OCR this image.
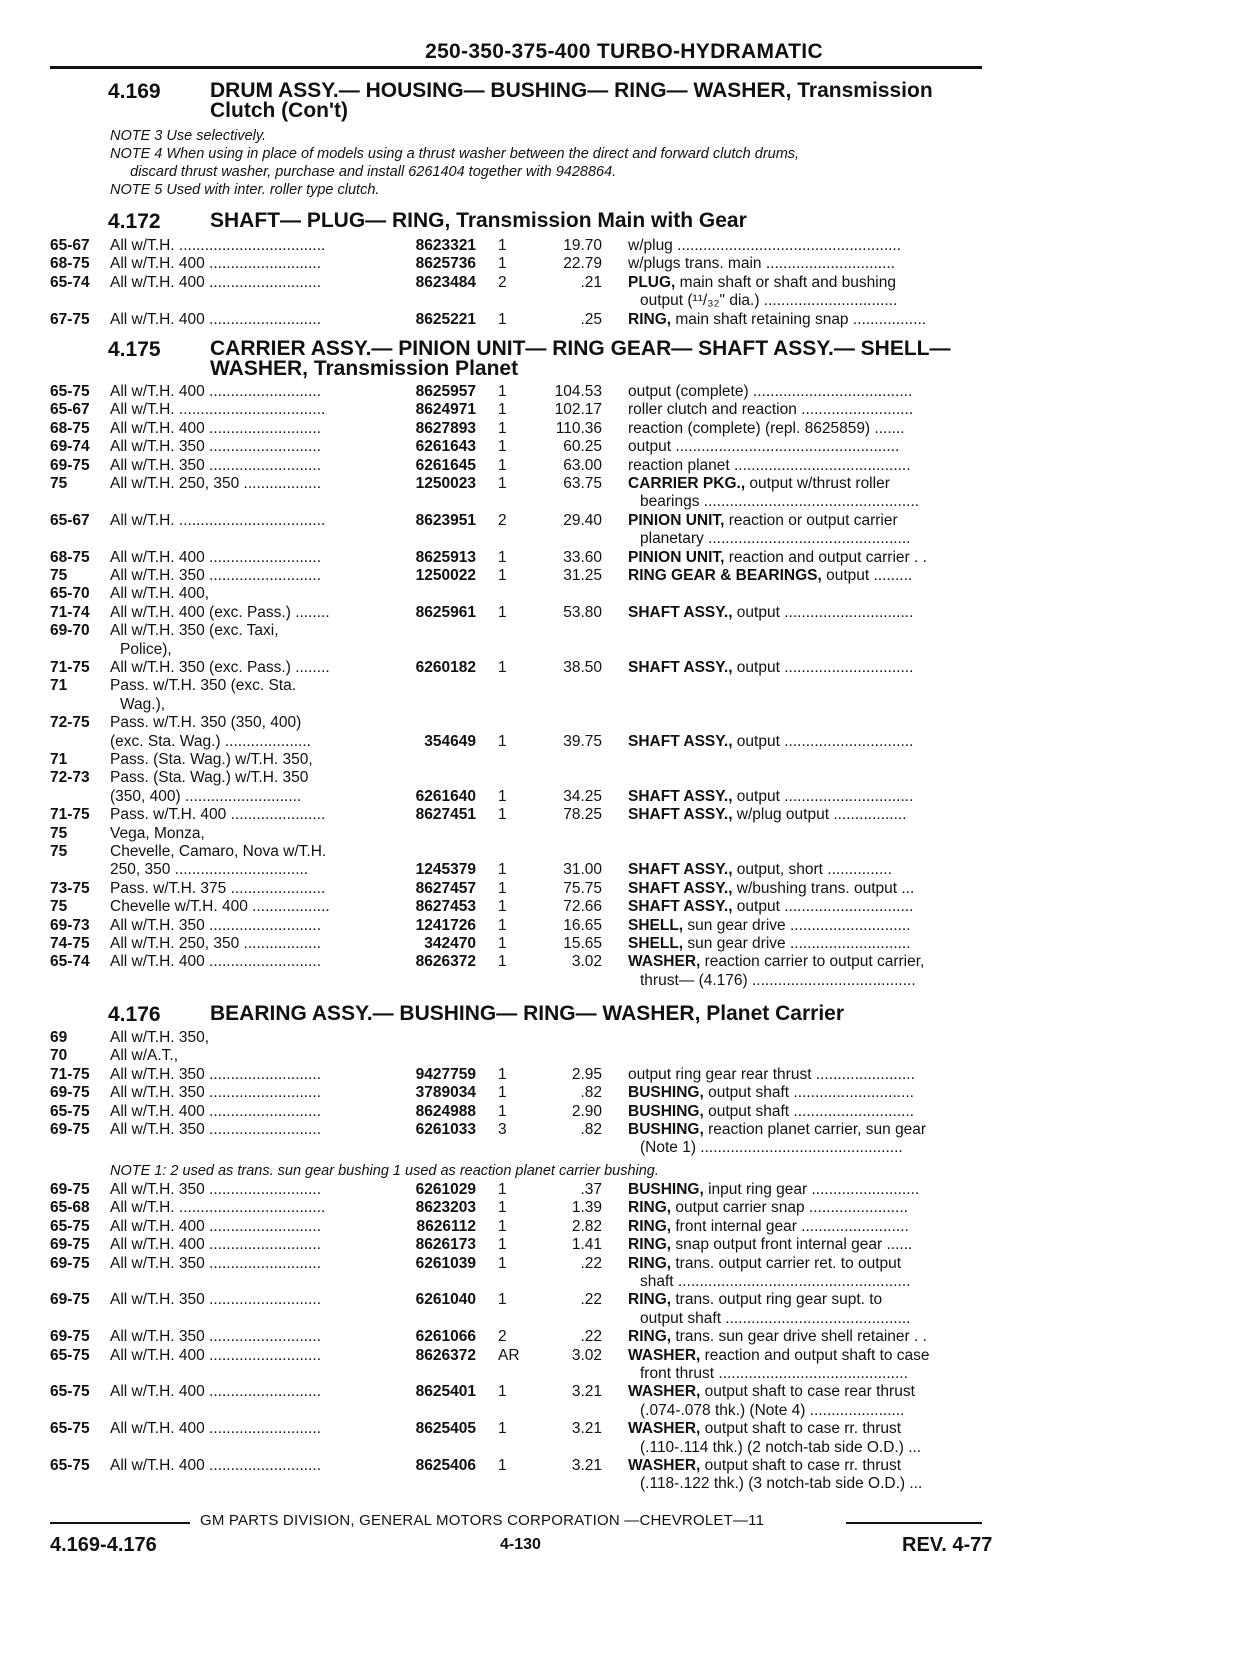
250-350-375-400 TURBO-HYDRAMATIC
4.169 DRUM ASSY.— HOUSING— BUSHING— RING— WASHER, Transmission Clutch (Con't)
NOTE 3 Use selectively.
NOTE 4 When using in place of models using a thrust washer between the direct and forward clutch drums,
discard thrust washer, purchase and install 6261404 together with 9428864.
NOTE 5 Used with inter. roller type clutch.
4.172 SHAFT— PLUG— RING, Transmission Main with Gear
65-67 All w/T.H. ..................................	8623321 1	19.70 w/plug ....................................................
68-75 All w/T.H. 400 ..........................	8625736 1	22.79 w/plugs trans. main ..............................
65-74 All w/T.H. 400 ..........................	8623484 2	.21 PLUG, main shaft or shaft and bushing
output (¹¹/₃₂" dia.) ...............................
67-75 All w/T.H. 400 ..........................	8625221 1	.25 RING, main shaft retaining snap .................
4.175 CARRIER ASSY.— PINION UNIT— RING GEAR— SHAFT ASSY.— SHELL— WASHER, Transmission Planet
65-75 All w/T.H. 400 ..........................	8625957 1	104.53 output (complete) .....................................
65-67 All w/T.H. ..................................	8624971 1	102.17 roller clutch and reaction ..........................
68-75 All w/T.H. 400 ..........................	8627893 1	110.36 reaction (complete) (repl. 8625859) .......
69-74 All w/T.H. 350 ..........................	6261643 1	60.25 output ....................................................
69-75 All w/T.H. 350 ..........................	6261645 1	63.00 reaction planet .........................................
75	All w/T.H. 250, 350 ..................	1250023 1	63.75 CARRIER PKG., output w/thrust roller
bearings ..................................................
65-67 All w/T.H. ..................................	8623951 2	29.40 PINION UNIT, reaction or output carrier
planetary ...............................................
68-75 All w/T.H. 400 ..........................	8625913 1	33.60 PINION UNIT, reaction and output carrier . .
75	All w/T.H. 350 ..........................	1250022 1	31.25 RING GEAR & BEARINGS, output .........
65-70 All w/T.H. 400,
71-74 All w/T.H. 400 (exc. Pass.) ........	8625961 1	53.80 SHAFT ASSY., output ..............................
69-70 All w/T.H. 350 (exc. Taxi,
Police),
71-75 All w/T.H. 350 (exc. Pass.) ........	6260182 1	38.50 SHAFT ASSY., output ..............................
71	Pass. w/T.H. 350 (exc. Sta.
Wag.),
72-75 Pass. w/T.H. 350 (350, 400)
(exc. Sta. Wag.) ....................	354649 1	39.75 SHAFT ASSY., output ..............................
71	Pass. (Sta. Wag.) w/T.H. 350,
72-73 Pass. (Sta. Wag.) w/T.H. 350
(350, 400) ...........................	6261640 1	34.25 SHAFT ASSY., output ..............................
71-75 Pass. w/T.H. 400 ......................	8627451 1	78.25 SHAFT ASSY., w/plug output .................
75	Vega, Monza,
75	Chevelle, Camaro, Nova w/T.H.
250, 350 ...............................	1245379 1	31.00 SHAFT ASSY., output, short ...............
73-75 Pass. w/T.H. 375 ......................	8627457 1	75.75 SHAFT ASSY., w/bushing trans. output ...
75	Chevelle w/T.H. 400 ..................	8627453 1	72.66 SHAFT ASSY., output ..............................
69-73 All w/T.H. 350 ..........................	1241726 1	16.65 SHELL, sun gear drive ............................
74-75 All w/T.H. 250, 350 ..................	342470 1	15.65 SHELL, sun gear drive ............................
65-74 All w/T.H. 400 ..........................	8626372 1	3.02 WASHER, reaction carrier to output carrier,
thrust— (4.176) ......................................
4.176 BEARING ASSY.— BUSHING— RING— WASHER, Planet Carrier
69	All w/T.H. 350,
70	All w/A.T.,
71-75 All w/T.H. 350 ..........................	9427759 1	2.95 output ring gear rear thrust .......................
69-75 All w/T.H. 350 ..........................	3789034 1	.82 BUSHING, output shaft ............................
65-75 All w/T.H. 400 ..........................	8624988 1	2.90 BUSHING, output shaft ............................
69-75 All w/T.H. 350 ..........................	6261033 3	.82 BUSHING, reaction planet carrier, sun gear
(Note 1) ...............................................
NOTE 1: 2 used as trans. sun gear bushing 1 used as reaction planet carrier bushing.
69-75 All w/T.H. 350 ..........................	6261029 1	.37 BUSHING, input ring gear .........................
65-68 All w/T.H. ..................................	8623203 1	1.39 RING, output carrier snap .......................
65-75 All w/T.H. 400 ..........................	8626112 1	2.82 RING, front internal gear .........................
69-75 All w/T.H. 400 ..........................	8626173 1	1.41 RING, snap output front internal gear ......
69-75 All w/T.H. 350 ..........................	6261039 1	.22 RING, trans. output carrier ret. to output
shaft ......................................................
69-75 All w/T.H. 350 ..........................	6261040 1	.22 RING, trans. output ring gear supt. to
output shaft ...........................................
69-75 All w/T.H. 350 ..........................	6261066 2	.22 RING, trans. sun gear drive shell retainer . .
65-75 All w/T.H. 400 ..........................	8626372 AR	3.02 WASHER, reaction and output shaft to case
front thrust ............................................
65-75 All w/T.H. 400 ..........................	8625401 1	3.21 WASHER, output shaft to case rear thrust
(.074-.078 thk.) (Note 4) ......................
65-75 All w/T.H. 400 ..........................	8625405 1	3.21 WASHER, output shaft to case rr. thrust
(.110-.114 thk.) (2 notch-tab side O.D.) ...
65-75 All w/T.H. 400 ..........................	8625406 1	3.21 WASHER, output shaft to case rr. thrust
(.118-.122 thk.) (3 notch-tab side O.D.) ...
GM PARTS DIVISION, GENERAL MOTORS CORPORATION —CHEVROLET—11
4.169-4.176	4-130	REV. 4-77
